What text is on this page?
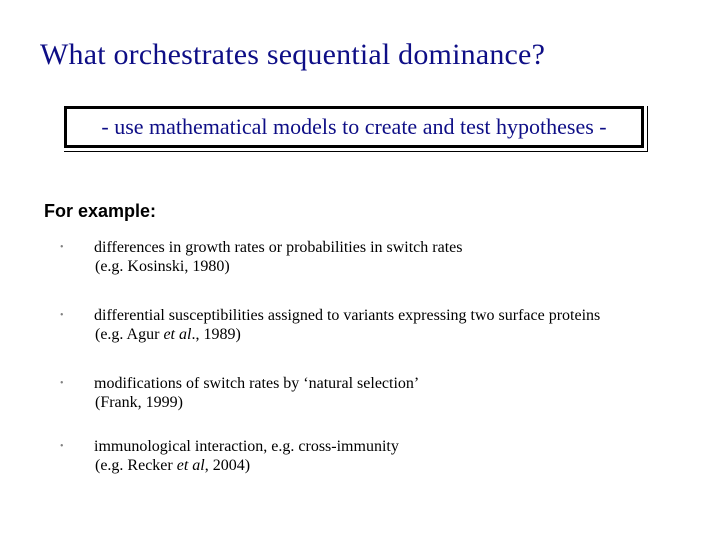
What orchestrates sequential dominance?
- use mathematical models to create and test hypotheses -
For example:
• differences in growth rates or probabilities in switch rates
(e.g. Kosinski, 1980)
• differential susceptibilities assigned to variants expressing two surface proteins
(e.g. Agur et al., 1989)
• modifications of switch rates by ‘natural selection’
(Frank, 1999)
• immunological interaction, e.g. cross-immunity
(e.g. Recker et al, 2004)
